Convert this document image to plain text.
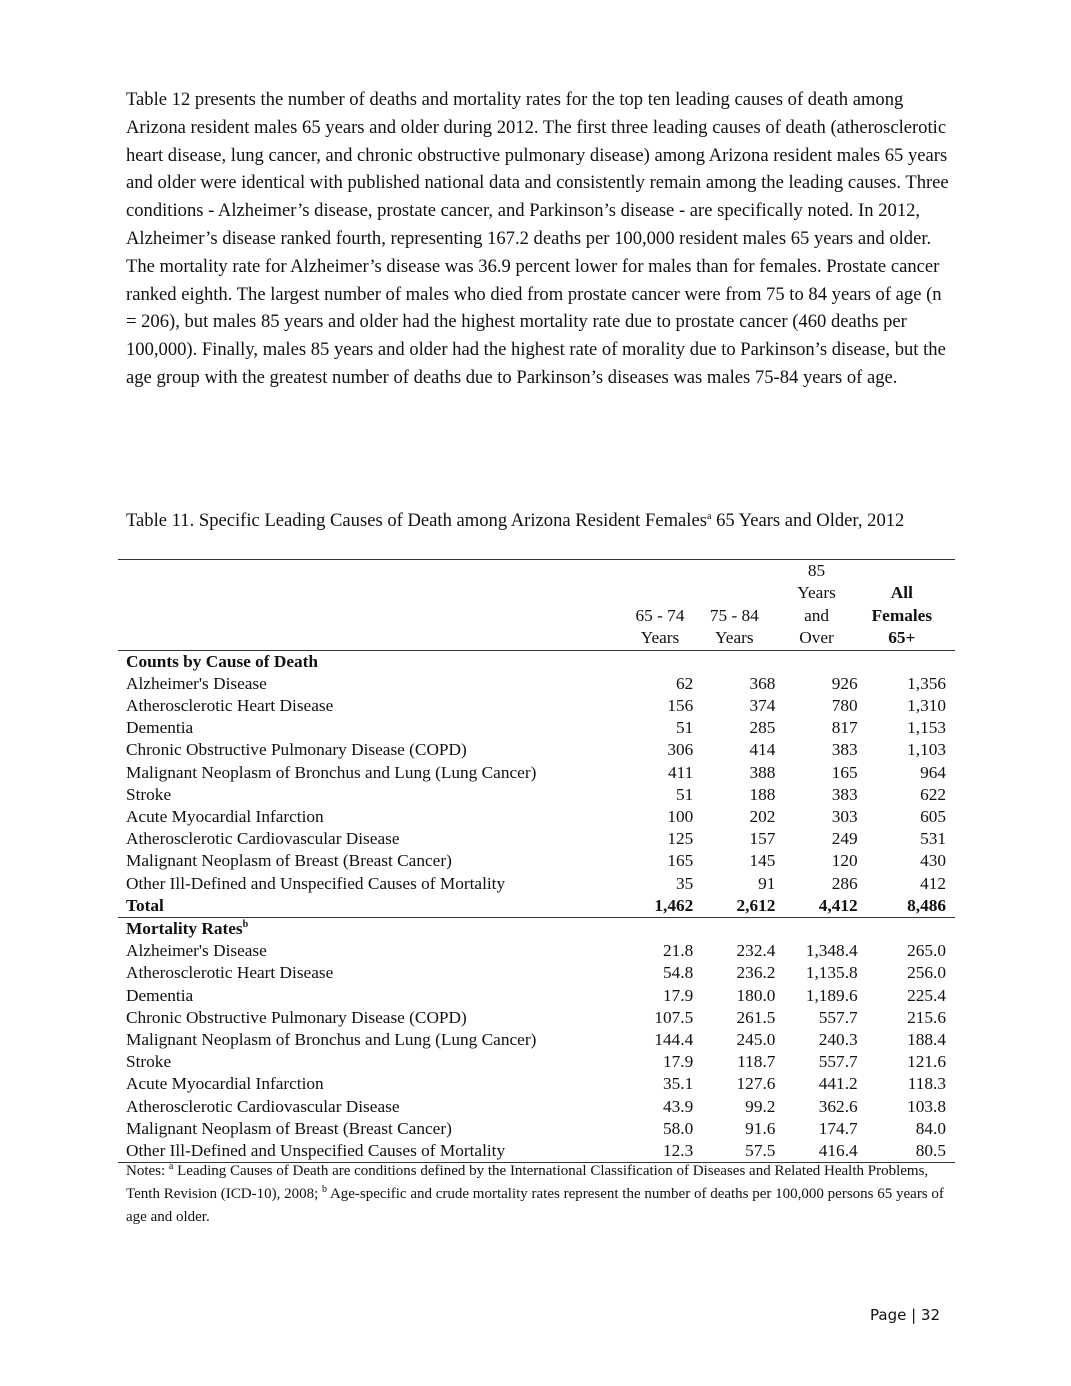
Table 12 presents the number of deaths and mortality rates for the top ten leading causes of death among Arizona resident males 65 years and older during 2012. The first three leading causes of death (atherosclerotic heart disease, lung cancer, and chronic obstructive pulmonary disease) among Arizona resident males 65 years and older were identical with published national data and consistently remain among the leading causes. Three conditions - Alzheimer’s disease, prostate cancer, and Parkinson’s disease - are specifically noted. In 2012, Alzheimer’s disease ranked fourth, representing 167.2 deaths per 100,000 resident males 65 years and older. The mortality rate for Alzheimer’s disease was 36.9 percent lower for males than for females. Prostate cancer ranked eighth. The largest number of males who died from prostate cancer were from 75 to 84 years of age (n = 206), but males 85 years and older had the highest mortality rate due to prostate cancer (460 deaths per 100,000). Finally, males 85 years and older had the highest rate of morality due to Parkinson’s disease, but the age group with the greatest number of deaths due to Parkinson’s diseases was males 75-84 years of age.

Table 11. Specific Leading Causes of Death among Arizona Resident Females$^a$ 65 Years and Older, 2012

			85	
			Years	All
	65 - 74	75 - 84	and	Females
	Years	Years	Over	65+
Counts by Cause of Death				
Alzheimer's Disease	62	368	926	1,356
Atherosclerotic Heart Disease	156	374	780	1,310
Dementia	51	285	817	1,153
Chronic Obstructive Pulmonary Disease (COPD)	306	414	383	1,103
Malignant Neoplasm of Bronchus and Lung (Lung Cancer)	411	388	165	964
Stroke	51	188	383	622
Acute Myocardial Infarction	100	202	303	605
Atherosclerotic Cardiovascular Disease	125	157	249	531
Malignant Neoplasm of Breast (Breast Cancer)	165	145	120	430
Other Ill-Defined and Unspecified Causes of Mortality	35	91	286	412
Total	1,462	2,612	4,412	8,486
Mortality Rates$^b$
Alzheimer's Disease	21.8	232.4	1,348.4	265.0
Atherosclerotic Heart Disease	54.8	236.2	1,135.8	256.0
Dementia	17.9	180.0	1,189.6	225.4
Chronic Obstructive Pulmonary Disease (COPD)	107.5	261.5	557.7	215.6
Malignant Neoplasm of Bronchus and Lung (Lung Cancer)	144.4	245.0	240.3	188.4
Stroke	17.9	118.7	557.7	121.6
Acute Myocardial Infarction	35.1	127.6	441.2	118.3
Atherosclerotic Cardiovascular Disease	43.9	99.2	362.6	103.8
Malignant Neoplasm of Breast (Breast Cancer)	58.0	91.6	174.7	84.0
Other Ill-Defined and Unspecified Causes of Mortality	12.3	57.5	416.4	80.5

Notes: $^a$ Leading Causes of Death are conditions defined by the International Classification of Diseases and Related Health Problems, Tenth Revision (ICD-10), 2008; $^b$ Age-specific and crude mortality rates represent the number of deaths per 100,000 persons 65 years of age and older.

Page | 32
